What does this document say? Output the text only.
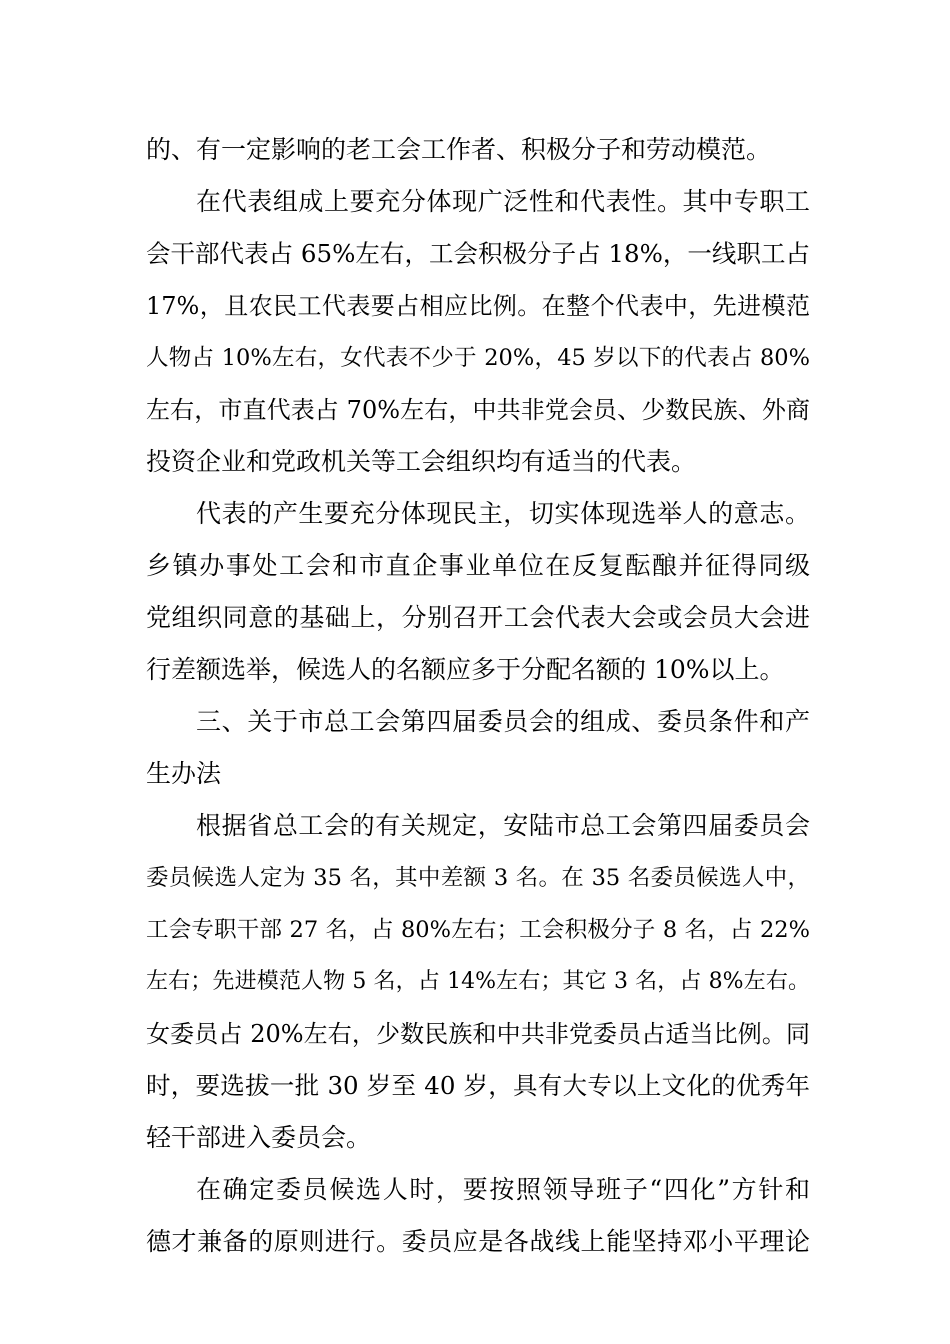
的、有一定影响的老工会工作者、积极分子和劳动模范。
在代表组成上要充分体现广泛性和代表性。其中专职工
会干部代表占 65%左右，工会积极分子占 18%，一线职工占
17%，且农民工代表要占相应比例。在整个代表中，先进模范
人物占 10%左右，女代表不少于 20%，45 岁以下的代表占 80%
左右，市直代表占 70%左右，中共非党会员、少数民族、外商
投资企业和党政机关等工会组织均有适当的代表。
代表的产生要充分体现民主，切实体现选举人的意志。
乡镇办事处工会和市直企事业单位在反复酝酿并征得同级
党组织同意的基础上，分别召开工会代表大会或会员大会进
行差额选举，候选人的名额应多于分配名额的 10%以上。
三、关于市总工会第四届委员会的组成、委员条件和产
生办法
根据省总工会的有关规定，安陆市总工会第四届委员会
委员候选人定为 35 名，其中差额 3 名。在 35 名委员候选人中，
工会专职干部 27 名，占 80%左右；工会积极分子 8 名，占 22%
左右；先进模范人物 5 名，占 14%左右；其它 3 名，占 8%左右。
女委员占 20%左右，少数民族和中共非党委员占适当比例。同
时，要选拔一批 30 岁至 40 岁，具有大专以上文化的优秀年
轻干部进入委员会。
在确定委员候选人时，要按照领导班子“四化”方针和
德才兼备的原则进行。委员应是各战线上能坚持邓小平理论
